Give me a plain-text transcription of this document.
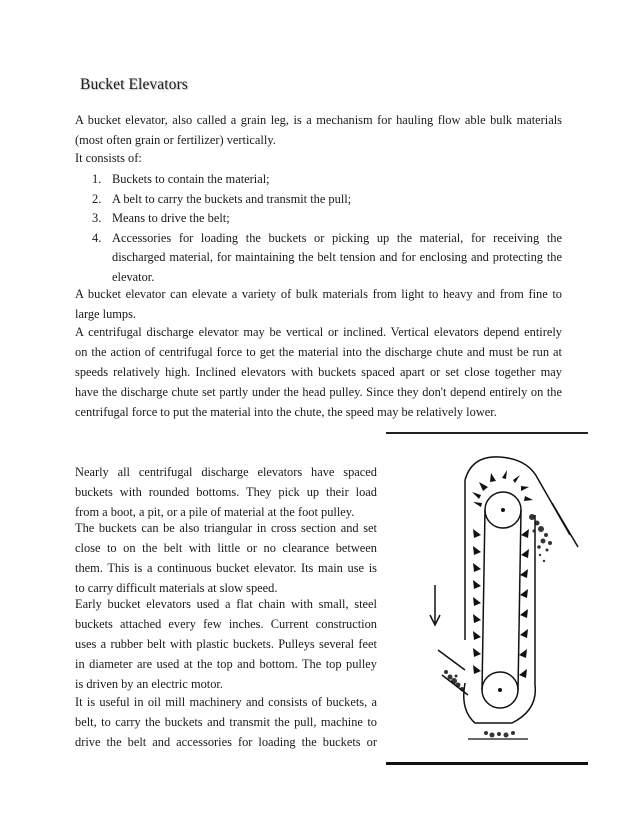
Bucket Elevators
A bucket elevator, also called a grain leg, is a mechanism for hauling flow able bulk materials
(most often grain or fertilizer) vertically.
It consists of:
1. Buckets to contain the material;
2. A belt to carry the buckets and transmit the pull;
3. Means to drive the belt;
4. Accessories for loading the buckets or picking up the material, for receiving the
discharged material, for maintaining the belt tension and for enclosing and protecting the
elevator.
A bucket elevator can elevate a variety of bulk materials from light to heavy and from fine to
large lumps.
A centrifugal discharge elevator may be vertical or inclined. Vertical elevators depend entirely
on the action of centrifugal force to get the material into the discharge chute and must be run at
speeds relatively high. Inclined elevators with buckets spaced apart or set close together may
have the discharge chute set partly under the head pulley. Since they don't depend entirely on the
centrifugal force to put the material into the chute, the speed may be relatively lower.
Nearly all centrifugal discharge elevators have spaced
buckets with rounded bottoms. They pick up their load
from a boot, a pit, or a pile of material at the foot pulley.
The buckets can be also triangular in cross section and set
close to on the belt with little or no clearance between
them. This is a continuous bucket elevator. Its main use is
to carry difficult materials at slow speed.
Early bucket elevators used a flat chain with small, steel
buckets attached every few inches. Current construction
uses a rubber belt with plastic buckets. Pulleys several feet
in diameter are used at the top and bottom. The top pulley
is driven by an electric motor.
It is useful in oil mill machinery and consists of buckets, a
belt, to carry the buckets and transmit the pull, machine to
drive the belt and accessories for loading the buckets or
